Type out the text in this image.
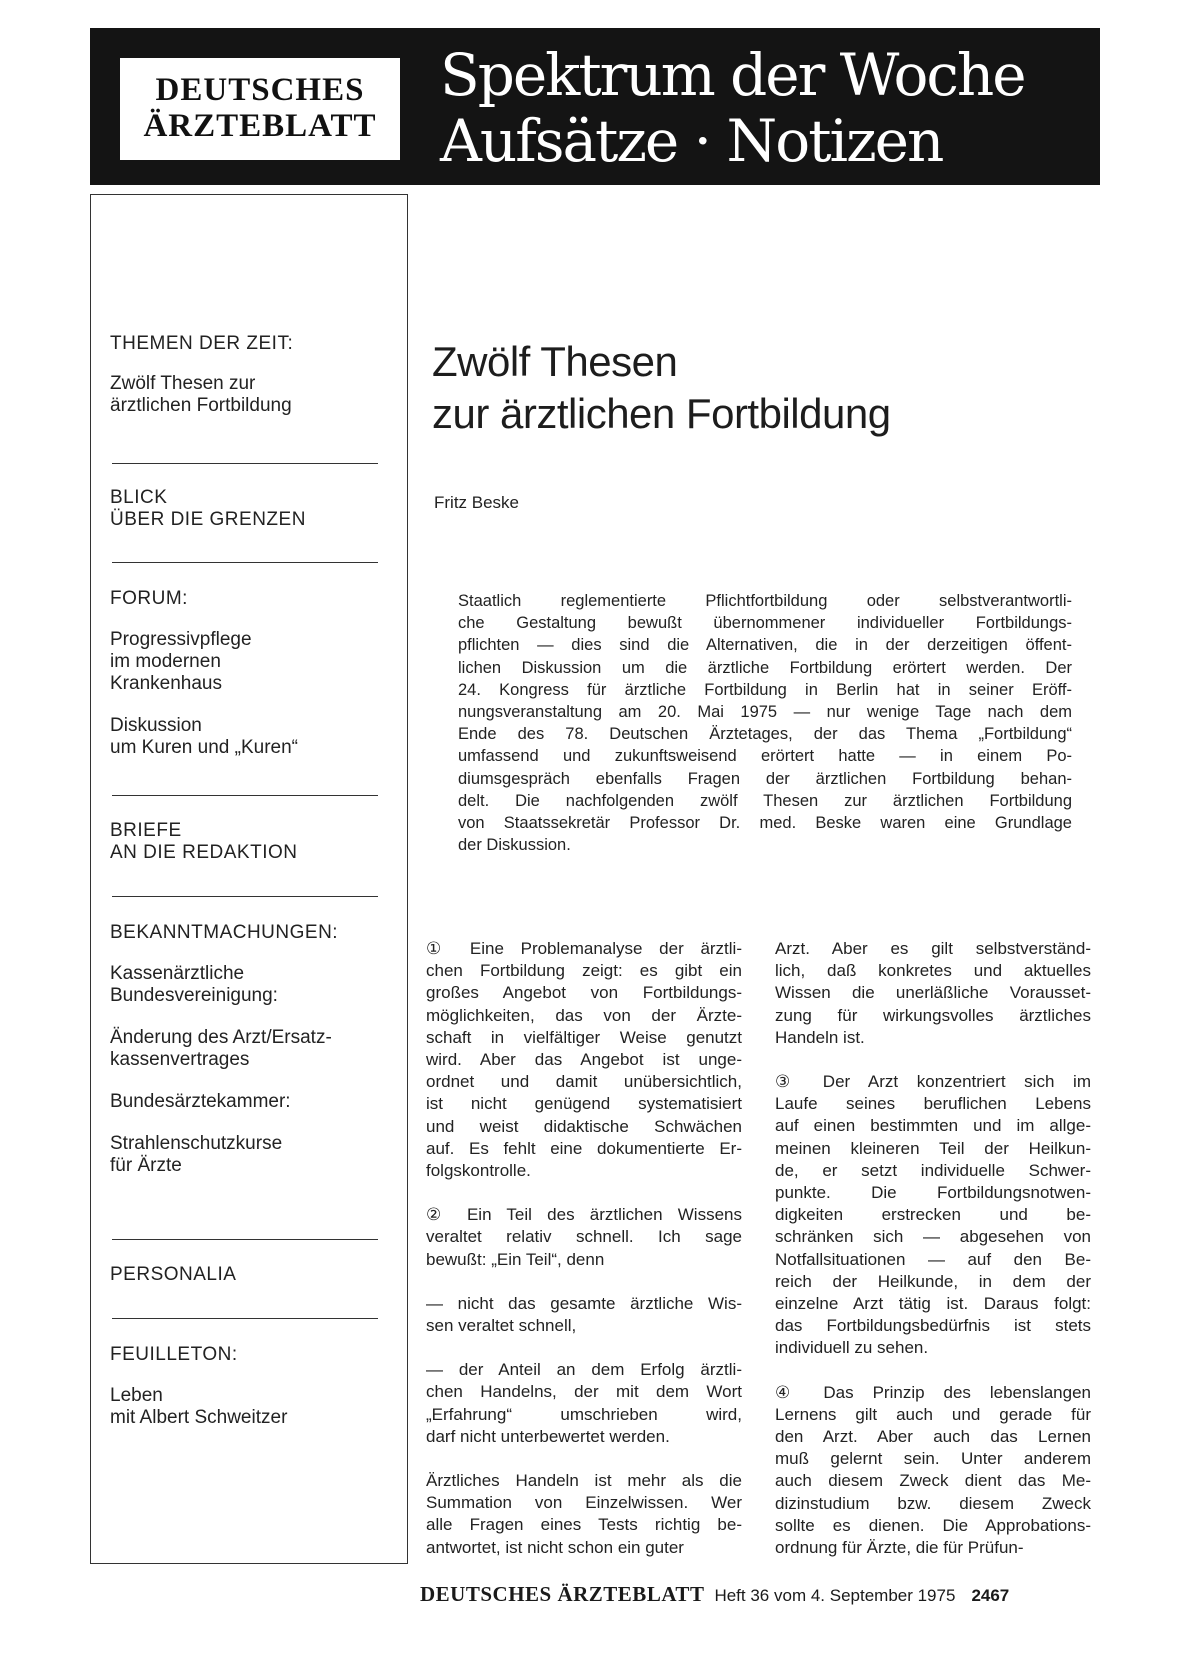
DEUTSCHES
ÄRZTEBLATT
Spektrum der Woche
Aufsätze · Notizen
THEMEN DER ZEIT:
Zwölf Thesen zur
ärztlichen Fortbildung
BLICK
ÜBER DIE GRENZEN
FORUM:
Progressivpflege
im modernen
Krankenhaus
Diskussion
um Kuren und „Kuren“
BRIEFE
AN DIE REDAKTION
BEKANNTMACHUNGEN:
Kassenärztliche
Bundesvereinigung:
Änderung des Arzt/Ersatz-
kassenvertrages
Bundesärztekammer:
Strahlenschutzkurse
für Ärzte
PERSONALIA
FEUILLETON:
Leben
mit Albert Schweitzer
Zwölf Thesen
zur ärztlichen Fortbildung
Fritz Beske
Staatlich reglementierte Pflichtfortbildung oder selbstverantwortli-
che Gestaltung bewußt übernommener individueller Fortbildungs-
pflichten — dies sind die Alternativen, die in der derzeitigen öffent-
lichen Diskussion um die ärztliche Fortbildung erörtert werden. Der
24. Kongress für ärztliche Fortbildung in Berlin hat in seiner Eröff-
nungsveranstaltung am 20. Mai 1975 — nur wenige Tage nach dem
Ende des 78. Deutschen Ärztetages, der das Thema „Fortbildung“
umfassend und zukunftsweisend erörtert hatte — in einem Po-
diumsgespräch ebenfalls Fragen der ärztlichen Fortbildung behan-
delt. Die nachfolgenden zwölf Thesen zur ärztlichen Fortbildung
von Staatssekretär Professor Dr. med. Beske waren eine Grundlage
der Diskussion.
① Eine Problemanalyse der ärztli-
chen Fortbildung zeigt: es gibt ein
großes Angebot von Fortbildungs-
möglichkeiten, das von der Ärzte-
schaft in vielfältiger Weise genutzt
wird. Aber das Angebot ist unge-
ordnet und damit unübersichtlich,
ist nicht genügend systematisiert
und weist didaktische Schwächen
auf. Es fehlt eine dokumentierte Er-
folgskontrolle.
② Ein Teil des ärztlichen Wissens
veraltet relativ schnell. Ich sage
bewußt: „Ein Teil“, denn
— nicht das gesamte ärztliche Wis-
sen veraltet schnell,
— der Anteil an dem Erfolg ärztli-
chen Handelns, der mit dem Wort
„Erfahrung“ umschrieben wird,
darf nicht unterbewertet werden.
Ärztliches Handeln ist mehr als die
Summation von Einzelwissen. Wer
alle Fragen eines Tests richtig be-
antwortet, ist nicht schon ein guter
Arzt. Aber es gilt selbstverständ-
lich, daß konkretes und aktuelles
Wissen die unerläßliche Vorausset-
zung für wirkungsvolles ärztliches
Handeln ist.
③ Der Arzt konzentriert sich im
Laufe seines beruflichen Lebens
auf einen bestimmten und im allge-
meinen kleineren Teil der Heilkun-
de, er setzt individuelle Schwer-
punkte. Die Fortbildungsnotwen-
digkeiten erstrecken und be-
schränken sich — abgesehen von
Notfallsituationen — auf den Be-
reich der Heilkunde, in dem der
einzelne Arzt tätig ist. Daraus folgt:
das Fortbildungsbedürfnis ist stets
individuell zu sehen.
④ Das Prinzip des lebenslangen
Lernens gilt auch und gerade für
den Arzt. Aber auch das Lernen
muß gelernt sein. Unter anderem
auch diesem Zweck dient das Me-
dizinstudium bzw. diesem Zweck
sollte es dienen. Die Approbations-
ordnung für Ärzte, die für Prüfun-
DEUTSCHES ÄRZTEBLATT Heft 36 vom 4. September 1975 2467
